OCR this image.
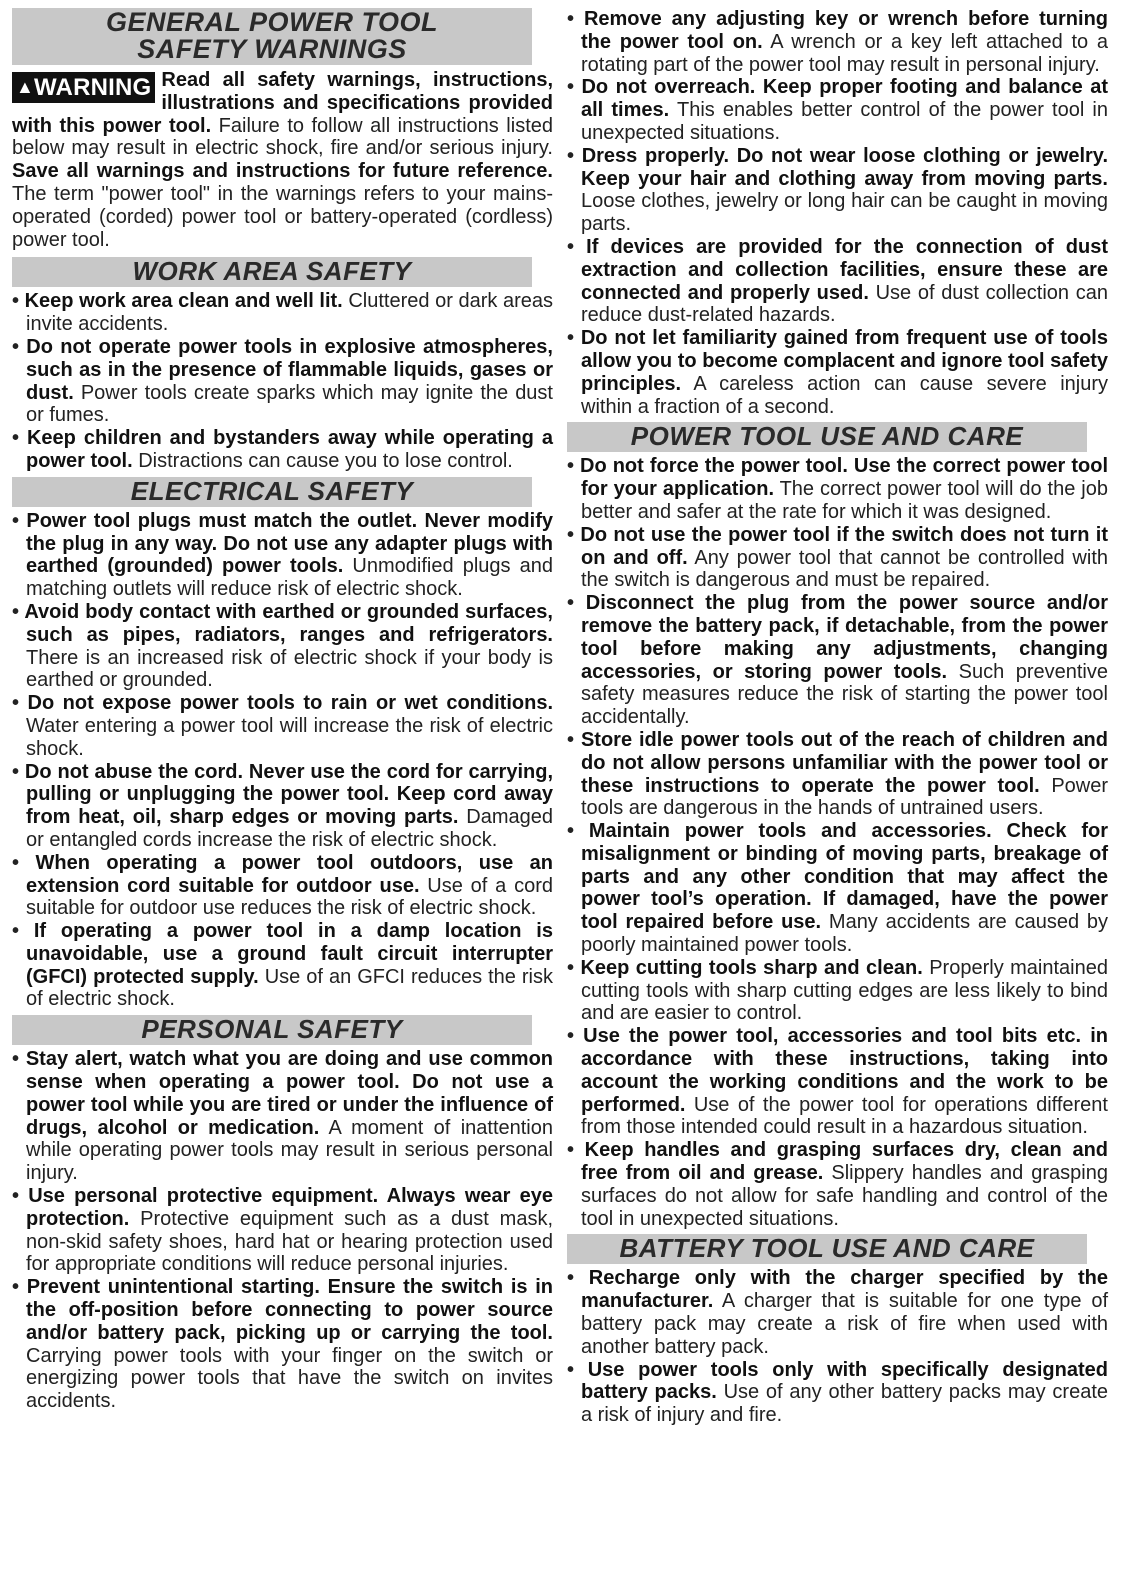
GENERAL POWER TOOL
SAFETY WARNINGS
▲WARNING Read all safety warnings, instructions, illustrations and specifications provided with this power tool. Failure to follow all instructions listed below may result in electric shock, fire and/or serious injury. Save all warnings and instructions for future reference. The term "power tool" in the warnings refers to your mains-operated (corded) power tool or battery-operated (cordless) power tool.
WORK AREA SAFETY

• Keep work area clean and well lit. Cluttered or dark areas invite accidents.

• Do not operate power tools in explosive atmospheres, such as in the presence of flammable liquids, gases or dust. Power tools create sparks which may ignite the dust or fumes.

• Keep children and bystanders away while operating a power tool. Distractions can cause you to lose control.

ELECTRICAL SAFETY

• Power tool plugs must match the outlet. Never modify the plug in any way. Do not use any adapter plugs with earthed (grounded) power tools. Unmodified plugs and matching outlets will reduce risk of electric shock.

• Avoid body contact with earthed or grounded surfaces, such as pipes, radiators, ranges and refrigerators. There is an increased risk of electric shock if your body is earthed or grounded.

• Do not expose power tools to rain or wet conditions. Water entering a power tool will increase the risk of electric shock.

• Do not abuse the cord. Never use the cord for carrying, pulling or unplugging the power tool. Keep cord away from heat, oil, sharp edges or moving parts. Damaged or entangled cords increase the risk of electric shock.

• When operating a power tool outdoors, use an extension cord suitable for outdoor use. Use of a cord suitable for outdoor use reduces the risk of electric shock.

• If operating a power tool in a damp location is unavoidable, use a ground fault circuit interrupter (GFCI) protected supply. Use of an GFCI reduces the risk of electric shock.

PERSONAL SAFETY

• Stay alert, watch what you are doing and use common sense when operating a power tool. Do not use a power tool while you are tired or under the influence of drugs, alcohol or medication. A moment of inattention while operating power tools may result in serious personal injury.

• Use personal protective equipment. Always wear eye protection. Protective equipment such as a dust mask, non-skid safety shoes, hard hat or hearing protection used for appropriate conditions will reduce personal injuries.

• Prevent unintentional starting. Ensure the switch is in the off-position before connecting to power source and/or battery pack, picking up or carrying the tool. Carrying power tools with your finger on the switch or energizing power tools that have the switch on invites accidents.

• Remove any adjusting key or wrench before turning the power tool on. A wrench or a key left attached to a rotating part of the power tool may result in personal injury.

• Do not overreach. Keep proper footing and balance at all times. This enables better control of the power tool in unexpected situations.

• Dress properly. Do not wear loose clothing or jewelry. Keep your hair and clothing away from moving parts. Loose clothes, jewelry or long hair can be caught in moving parts.

• If devices are provided for the connection of dust extraction and collection facilities, ensure these are connected and properly used. Use of dust collection can reduce dust-related hazards.

• Do not let familiarity gained from frequent use of tools allow you to become complacent and ignore tool safety principles. A careless action can cause severe injury within a fraction of a second.

POWER TOOL USE AND CARE

• Do not force the power tool. Use the correct power tool for your application. The correct power tool will do the job better and safer at the rate for which it was designed.

• Do not use the power tool if the switch does not turn it on and off. Any power tool that cannot be controlled with the switch is dangerous and must be repaired.

• Disconnect the plug from the power source and/or remove the battery pack, if detachable, from the power tool before making any adjustments, changing accessories, or storing power tools. Such preventive safety measures reduce the risk of starting the power tool accidentally.

• Store idle power tools out of the reach of children and do not allow persons unfamiliar with the power tool or these instructions to operate the power tool. Power tools are dangerous in the hands of untrained users.

• Maintain power tools and accessories. Check for misalignment or binding of moving parts, breakage of parts and any other condition that may affect the power tool’s operation. If damaged, have the power tool repaired before use. Many accidents are caused by poorly maintained power tools.

• Keep cutting tools sharp and clean. Properly maintained cutting tools with sharp cutting edges are less likely to bind and are easier to control.

• Use the power tool, accessories and tool bits etc. in accordance with these instructions, taking into account the working conditions and the work to be performed. Use of the power tool for operations different from those intended could result in a hazardous situation.

• Keep handles and grasping surfaces dry, clean and free from oil and grease. Slippery handles and grasping surfaces do not allow for safe handling and control of the tool in unexpected situations.

BATTERY TOOL USE AND CARE

• Recharge only with the charger specified by the manufacturer. A charger that is suitable for one type of battery pack may create a risk of fire when used with another battery pack.

• Use power tools only with specifically designated battery packs. Use of any other battery packs may create a risk of injury and fire.
